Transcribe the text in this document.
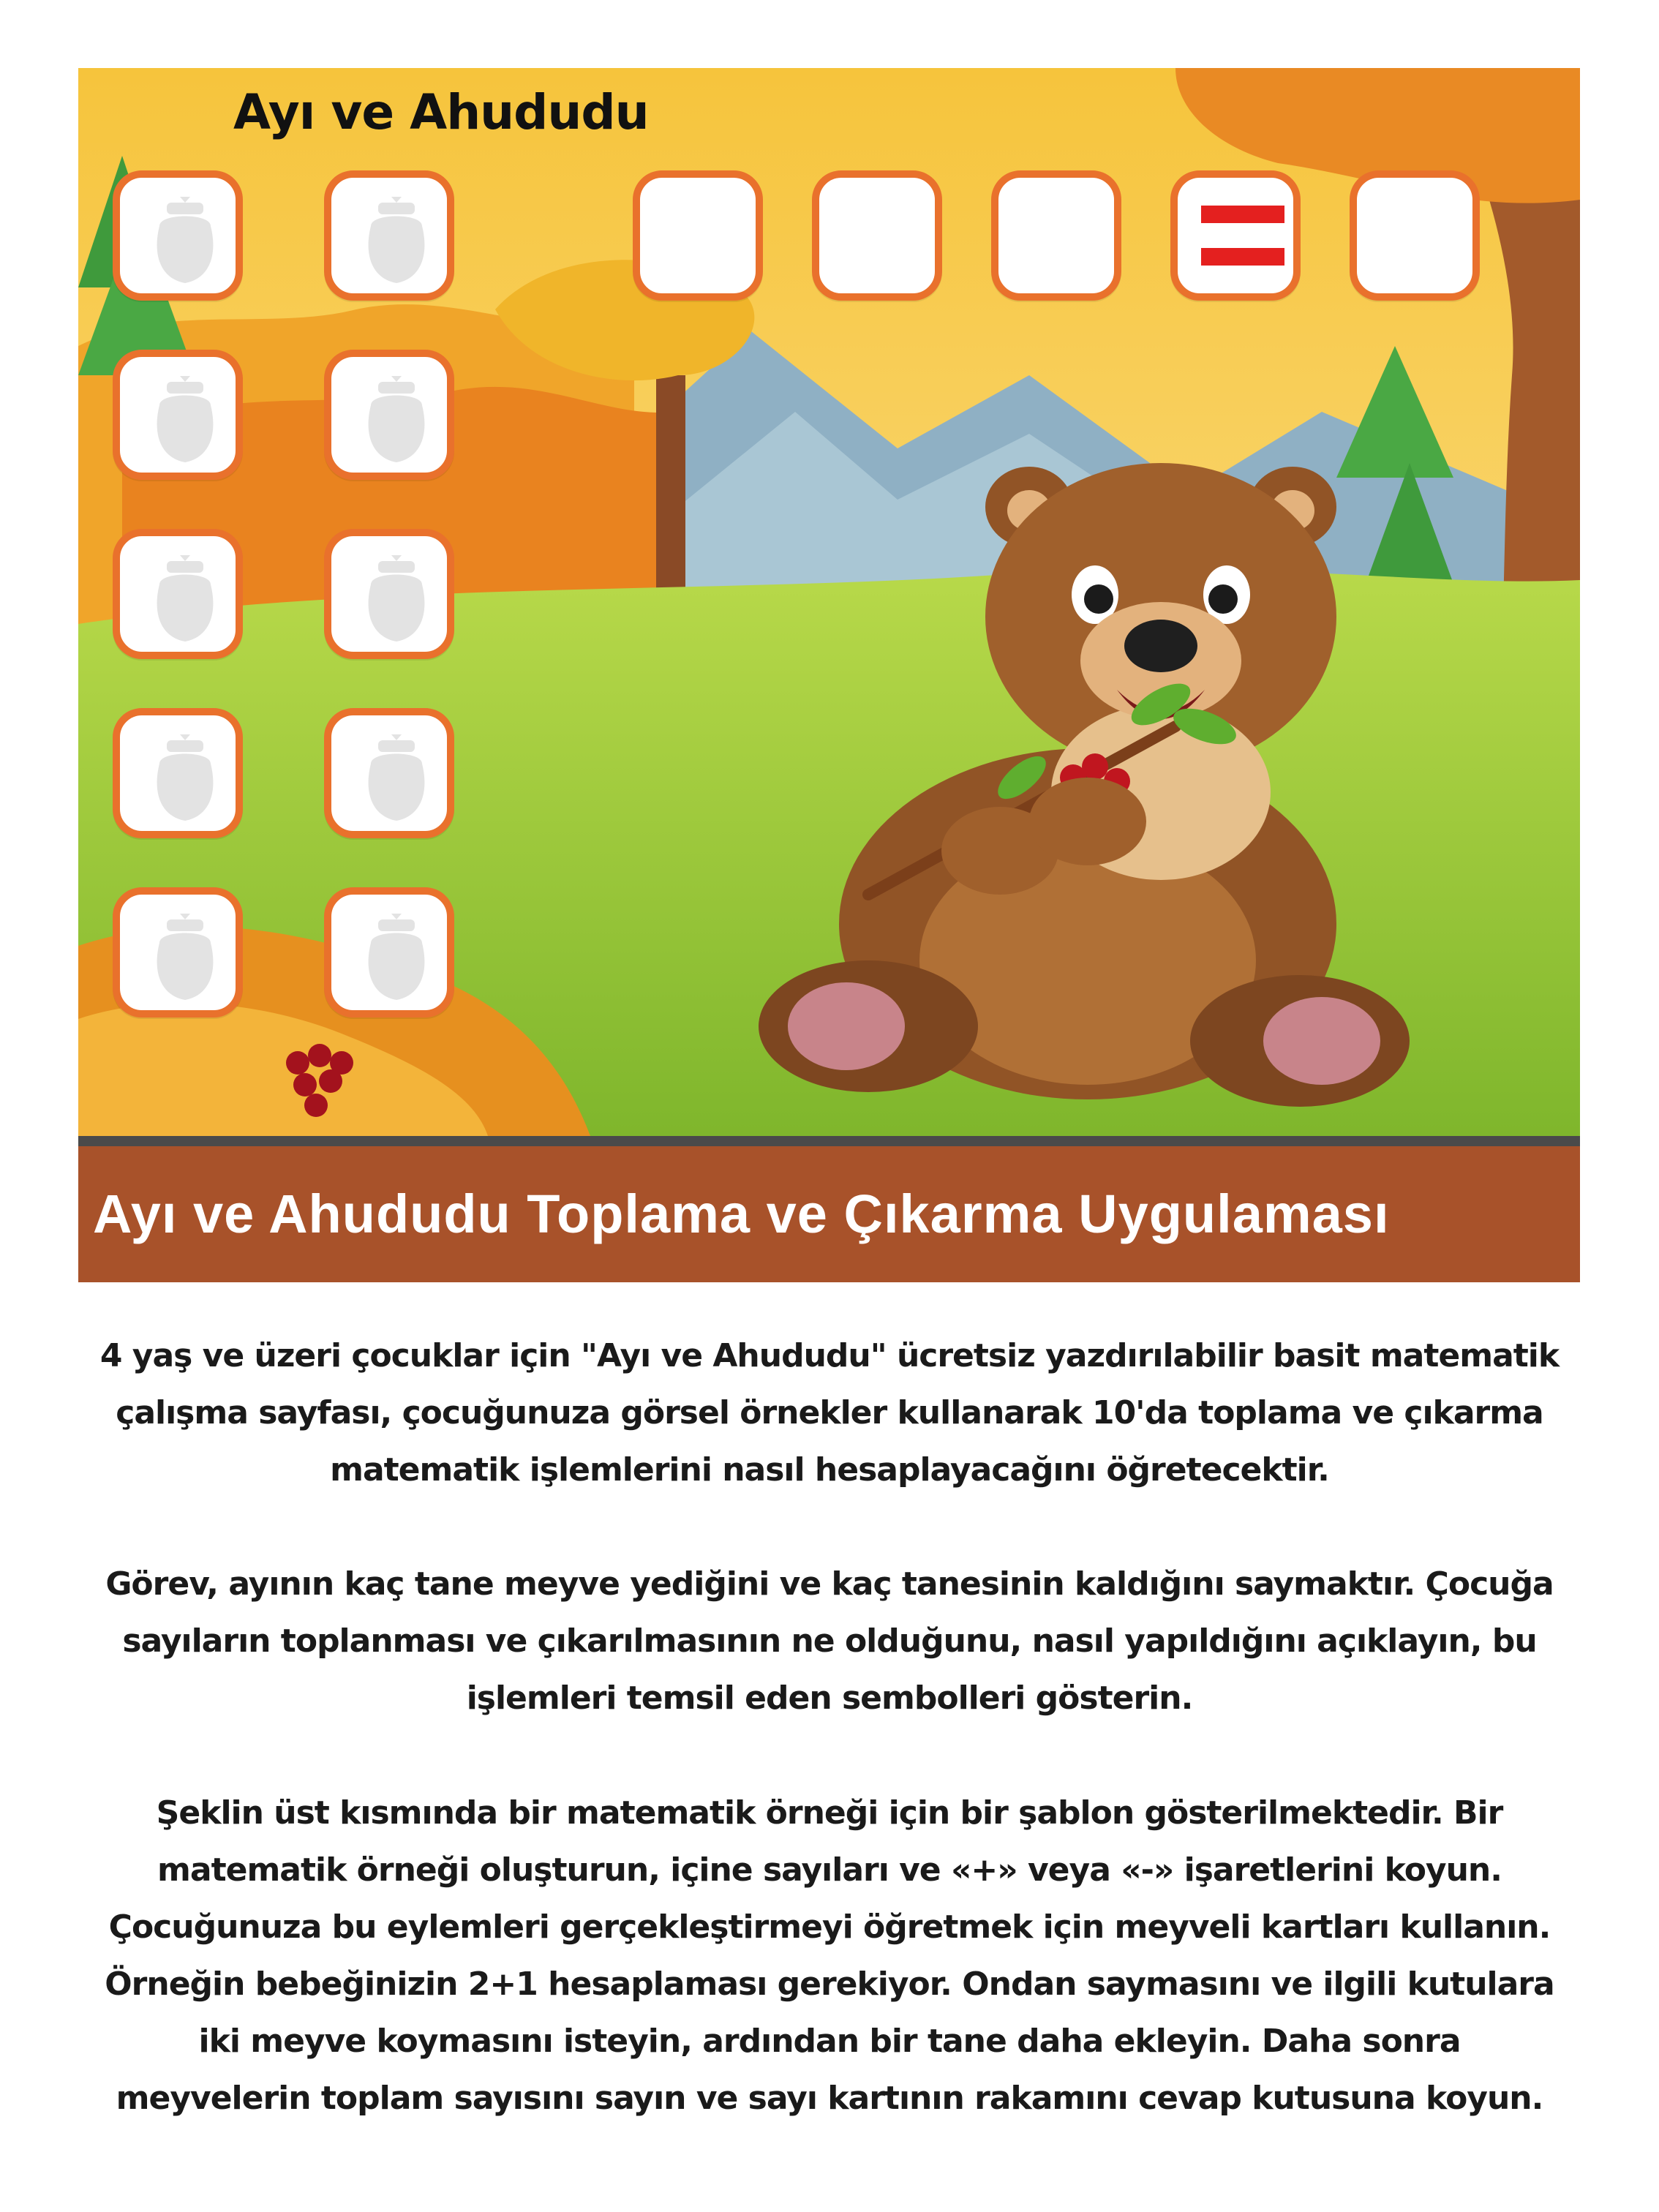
Ayı ve Ahududu
Ayı ve Ahududu Toplama ve Çıkarma Uygulaması

4 yaş ve üzeri çocuklar için "Ayı ve Ahududu" ücretsiz yazdırılabilir basit matematik çalışma sayfası, çocuğunuza görsel örnekler kullanarak 10'da toplama ve çıkarma matematik işlemlerini nasıl hesaplayacağını öğretecektir.

Görev, ayının kaç tane meyve yediğini ve kaç tanesinin kaldığını saymaktır. Çocuğa sayıların toplanması ve çıkarılmasının ne olduğunu, nasıl yapıldığını açıklayın, bu işlemleri temsil eden sembolleri gösterin.

Şeklin üst kısmında bir matematik örneği için bir şablon gösterilmektedir. Bir matematik örneği oluşturun, içine sayıları ve «+» veya «-» işaretlerini koyun. Çocuğunuza bu eylemleri gerçekleştirmeyi öğretmek için meyveli kartları kullanın. Örneğin bebeğinizin 2+1 hesaplaması gerekiyor. Ondan saymasını ve ilgili kutulara iki meyve koymasını isteyin, ardından bir tane daha ekleyin. Daha sonra meyvelerin toplam sayısını sayın ve sayı kartının rakamını cevap kutusuna koyun.
